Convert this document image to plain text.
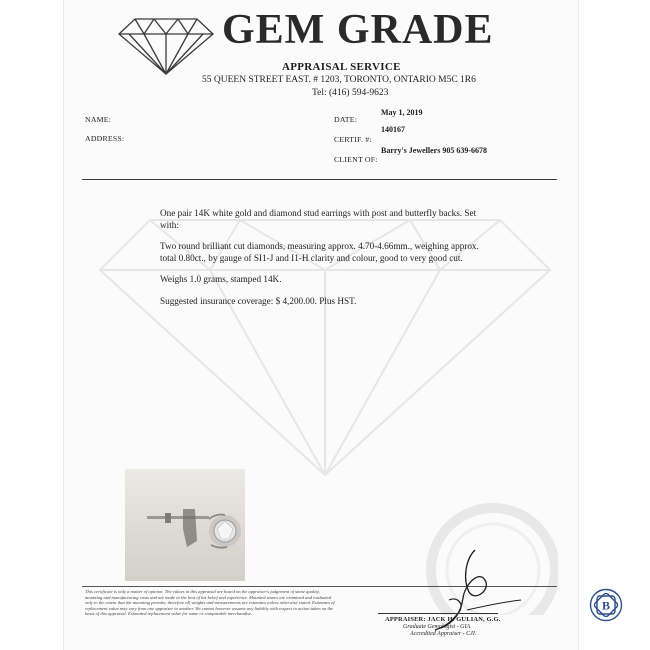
GEM GRADE
APPRAISAL SERVICE
55 QUEEN STREET EAST. # 1203, TORONTO, ONTARIO M5C 1R6
Tel: (416) 594-9623
NAME:
ADDRESS:
DATE:
May 1, 2019
CERTIF. #:
140167
CLIENT OF:
Barry's Jewellers 905 639-6678

One pair 14K white gold and diamond stud earrings with post and butterfly backs. Set with:

Two round brilliant cut diamonds, measuring approx. 4.70-4.66mm., weighing approx. total 0.80ct., by gauge of SI1-J and I1-H clarity and colour, good to very good cut.

Weighs 1.0 grams, stamped 14K.

Suggested insurance coverage: $ 4,200.00. Plus HST.

This certificate is only a matter of opinion. The values in this appraisal are based on the appraiser's judgement of stone quality, mounting and manufacturing costs and are made to the best of his belief and experience. Mounted stones are examined and evaluated only to the extent that the mounting permits; therefore all weights and measurements are estimates unless otherwise stated. Estimates of replacement value may vary from one appraiser to another. We cannot however assume any liability with respect to action taken on the basis of this appraisal. Estimated replacement value for same or comparable merchandise.
APPRAISER: JACK H. GULIAN, G.G.
Graduate Gemologist - GIA
Accredited Appraiser - CJI.
B
